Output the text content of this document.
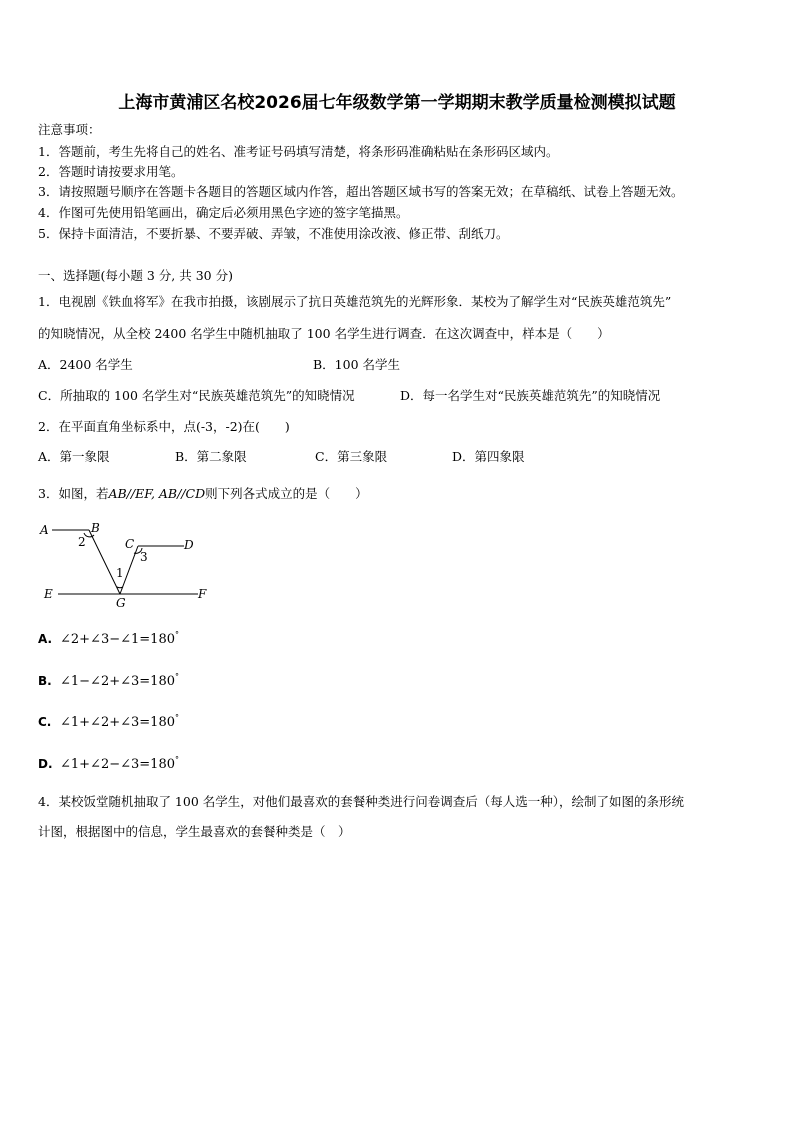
上海市黄浦区名校2026届七年级数学第一学期期末教学质量检测模拟试题
注意事项：
1．答题前，考生先将自己的姓名、准考证号码填写清楚，将条形码准确粘贴在条形码区域内。
2．答题时请按要求用笔。
3．请按照题号顺序在答题卡各题目的答题区域内作答，超出答题区域书写的答案无效；在草稿纸、试卷上答题无效。
4．作图可先使用铅笔画出，确定后必须用黑色字迹的签字笔描黑。
5．保持卡面清洁，不要折暴、不要弄破、弄皱，不准使用涂改液、修正带、刮纸刀。
一、选择题(每小题 3 分, 共 30 分)
1．电视剧《铁血将军》在我市拍摄，该剧展示了抗日英雄范筑先的光辉形象．某校为了解学生对“民族英雄范筑先”
的知晓情况，从全校 2400 名学生中随机抽取了 100 名学生进行调查．在这次调查中，样本是（　　）
A．2400 名学生	B．100 名学生
C．所抽取的 100 名学生对“民族英雄范筑先”的知晓情况	D．每一名学生对“民族英雄范筑先”的知晓情况
2．在平面直角坐标系中，点(-3，-2)在(　　)
A．第一象限	B．第二象限	C．第三象限	D．第四象限
3．如图，若AB//EF, AB//CD则下列各式成立的是（　　）
A	B
C	D
E	F
G
2
3
1
A. ∠2+∠3−∠1=180°
B. ∠1−∠2+∠3=180°
C. ∠1+∠2+∠3=180°
D. ∠1+∠2−∠3=180°
4．某校饭堂随机抽取了 100 名学生，对他们最喜欢的套餐种类进行问卷调查后（每人选一种），绘制了如图的条形统
计图，根据图中的信息，学生最喜欢的套餐种类是（　）
